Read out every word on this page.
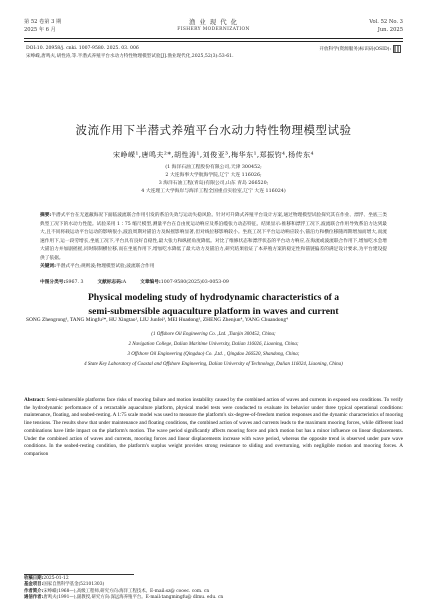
第 52 卷第 3 期
2025 年 6 月
渔 业 现 代 化
FISHERY MODERNIZATION
Vol. 52 No. 3
Jun. 2025
DOI:10. 20958/j. cnki. 1007-9580. 2025. 03. 006	开放科学(资源服务)标识码(OSID):
宋峥嵘,唐鸣夫,胡性涛,等.半潜式养殖平台水动力特性物理模型试验[J].渔业现代化,2025,52(3):53-61.
波流作用下半潜式养殖平台水动力特性物理模型试验
宋峥嵘¹,唐鸣夫²*,胡性涛¹,刘俊亚³,梅华东¹,郑振钧⁴,杨传东⁴
(1 海洋石油工程股份有限公司,天津 300452;
2 大连海事大学航海学院,辽宁 大连 116026;
3 海洋石油工程(青岛)有限公司,山东 青岛 266520;
4 大连理工大学海岸与海洋工程全国重点实验室,辽宁 大连 116024)
摘要:半潜式平台在无遮蔽海况下面临波流联合作用引发的系泊失效与运动失稳风险。针对可升降式养殖平台设计方案,通过物理模型试验探究其在作业、漂浮、坐底三类典型工况下的水动力性能。试验采用 1∶75 缩尺模型,测量平台在自由度运动响应及系泊缆张力动态特征。结果显示:推移和漂浮工况下,波流联合作用导致系泊力达到最大,且不同将载运动平台运动的影响很小,波浪周期对锚泊力及纵摇影响显著,但对线位移影响较小。坐底工况下平台运动响应较小,锚泊力和横位移随周期增加而增大,而流速作用下,运一段劳增长,坐底工况下,平台具有良好自稳性,最大张力和纵摇角度降低。对比了维修状态和漂浮状态的平台动力响应,在海流或波流联合作用下,增加吃水会增大锚泊力并加剧摇摇,同时限制横位移,而在坐底作用下,增加吃水降低了最大动力及锚泊力,研究结果验证了本养殖方案的稳定性和锚链偏差的满足设计要求,为平台建设提供了依据。
关键词:半潜式平台;规则波;物理模型试验;波流联合作用
中图分类号:S967. 3	文献标志码:A	文章编号:1007-9580(2025)03-0053-09
Physical modeling study of hydrodynamic characteristics of a
semi-submersible aquaculture platform in waves and current
SONG Zhengrong¹, TANG Mingfu²*, HU Xingtao¹, LIU Junfei³, MEI Huadong¹, ZHENG Zhenjun⁴, YANG Chuandong⁴
(1 Offshore Oil Engineering Co. ,Ltd. ,Tianjin 300452, China;
2 Navigation College, Dalian Maritime University, Dalian 116026, Liaoning, China;
3 Offshore Oil Engineering (Qingdao) Co. ,Ltd. , Qingdao 266520, Shandong, China;
4 State Key Laboratory of Coastal and Offshore Engineering, Dalian University of Technology, Dalian 116024, Liaoning, China)
Abstract: Semi-submersible platforms face risks of mooring failure and motion instability caused by the combined action of waves and currents in exposed sea conditions. To verify the hydrodynamic performance of a retractable aquaculture platform, physical model tests were conducted to evaluate its behavior under three typical operational conditions: maintenance, floating, and seabed-resting. A 1∶75 scale model was used to measure the platform's six-degree-of-freedom motion responses and the dynamic characteristics of mooring line tensions. The results show that under maintenance and floating conditions, the combined action of waves and currents leads to the maximum mooring forces, while different load combinations have little impact on the platform's motion. The wave period significantly affects mooring force and pitch motion but has a minor influence on linear displacements. Under the combined action of waves and currents, mooring forces and linear displacements increase with wave period, whereas the opposite trend is observed under pure wave conditions. In the seabed-resting condition, the platform's surplus weight provides strong resistance to sliding and overturning, with negligible motion and mooring forces. A comparison
收稿日期:2025-01-12
基金项目:国家自然科学基金(52101303)
作者简介:宋峥嵘(1968—),高级工程师,研究方向:海洋工程技术。E-mail:sz@ cooec. com. cn
通信作者:唐鸣夫(1991—),副教授,研究方向:深远海养殖平台。E-mail:tangmingfu@ dlmu. edu. cn
